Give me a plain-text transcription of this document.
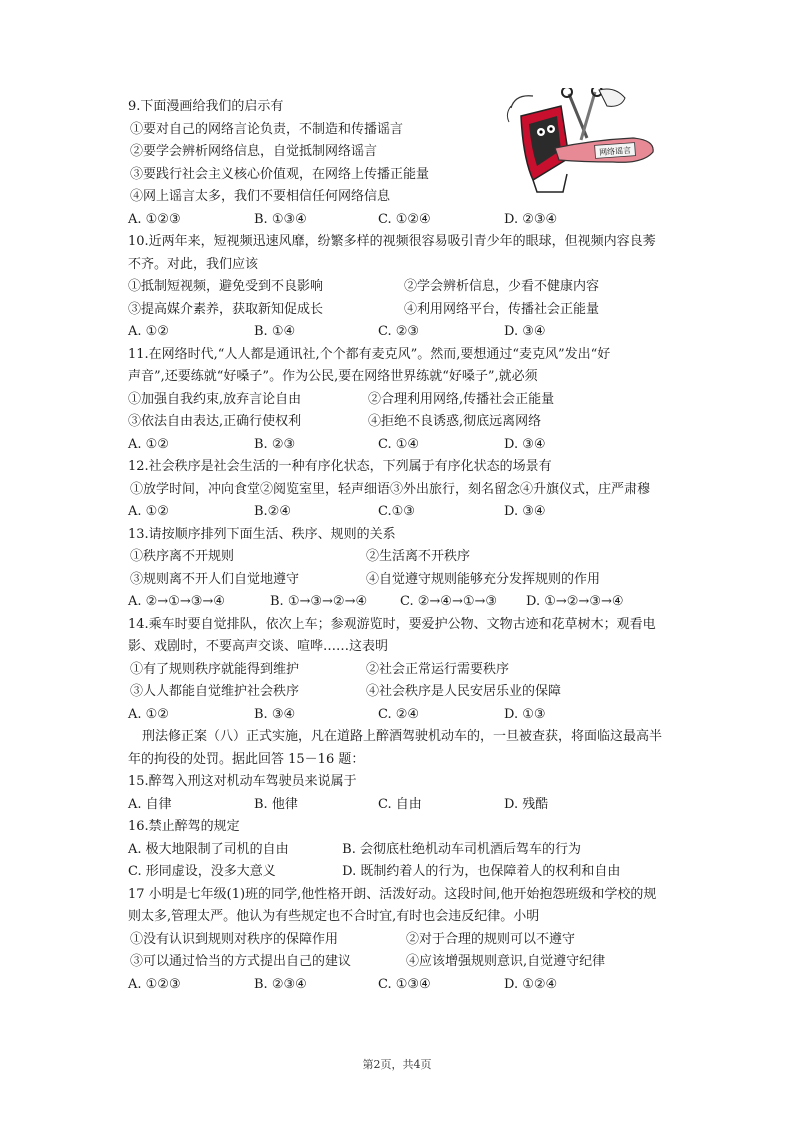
网络谣言
9.下面漫画给我们的启示有
①要对自己的网络言论负责，不制造和传播谣言
②要学会辨析网络信息，自觉抵制网络谣言
③要践行社会主义核心价值观，在网络上传播正能量
④网上谣言太多，我们不要相信任何网络信息
A. ①②③	B. ①③④	C. ①②④	D. ②③④
10.近两年来，短视频迅速风靡，纷繁多样的视频很容易吸引青少年的眼球，但视频内容良莠
不齐。对此，我们应该
①抵制短视频，避免受到不良影响	②学会辨析信息，少看不健康内容
③提高媒介素养，获取新知促成长	④利用网络平台，传播社会正能量
A. ①②	B. ①④	C. ②③	D. ③④
11.在网络时代,“人人都是通讯社,个个都有麦克风”。然而,要想通过“麦克风”发出“好
声音”,还要练就“好嗓子”。作为公民,要在网络世界练就“好嗓子”,就必须
①加强自我约束,放弃言论自由	②合理利用网络,传播社会正能量
③依法自由表达,正确行使权利	④拒绝不良诱惑,彻底远离网络
A. ①②	B. ②③	C. ①④	D. ③④
12.社会秩序是社会生活的一种有序化状态，下列属于有序化状态的场景有
①放学时间，冲向食堂②阅览室里，轻声细语③外出旅行，刻名留念④升旗仪式，庄严肃穆
A. ①②	B.②④	C.①③	D. ③④
13.请按顺序排列下面生活、秩序、规则的关系
①秩序离不开规则	②生活离不开秩序
③规则离不开人们自觉地遵守	④自觉遵守规则能够充分发挥规则的作用
A. ②→①→③→④	B. ①→③→②→④	C. ②→④→①→③	D. ①→②→③→④
14.乘车时要自觉排队，依次上车；参观游览时，要爱护公物、文物古迹和花草树木；观看电
影、戏剧时，不要高声交谈、喧哗……这表明
①有了规则秩序就能得到维护	②社会正常运行需要秩序
③人人都能自觉维护社会秩序	④社会秩序是人民安居乐业的保障
A. ①②	B. ③④	C. ②④	D. ①③
刑法修正案（八）正式实施，凡在道路上醉酒驾驶机动车的，一旦被查获，将面临这最高半
年的拘役的处罚。据此回答 15－16 题：
15.醉驾入刑这对机动车驾驶员来说属于
A. 自律	B. 他律	C. 自由	D. 残酷
16.禁止醉驾的规定
A. 极大地限制了司机的自由	B. 会彻底杜绝机动车司机酒后驾车的行为
C. 形同虚设，没多大意义	D. 既制约着人的行为，也保障着人的权利和自由
17 小明是七年级(1)班的同学,他性格开朗、活泼好动。这段时间,他开始抱怨班级和学校的规
则太多,管理太严。他认为有些规定也不合时宜,有时也会违反纪律。小明
①没有认识到规则对秩序的保障作用	②对于合理的规则可以不遵守
③可以通过恰当的方式提出自己的建议	④应该增强规则意识,自觉遵守纪律
A. ①②③	B. ②③④	C. ①③④	D. ①②④
第2页，共4页
